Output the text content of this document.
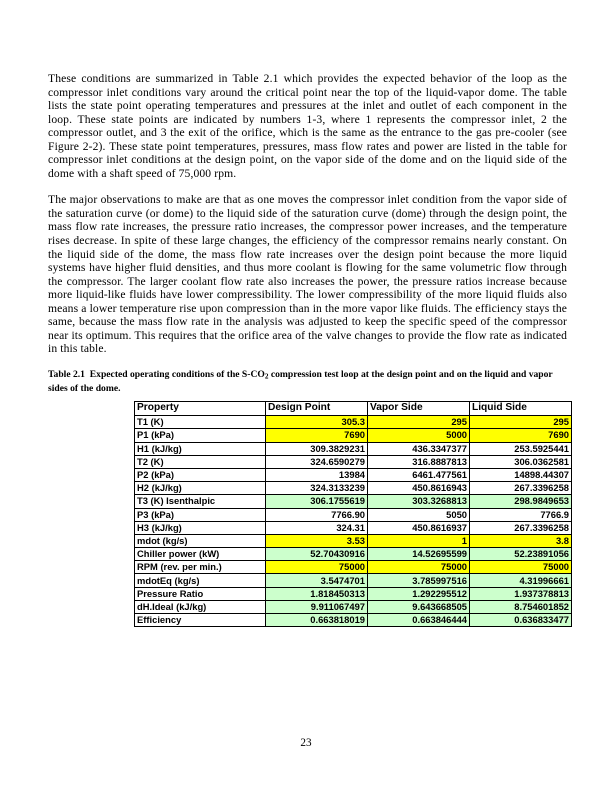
These conditions are summarized in Table 2.1 which provides the expected behavior of the loop as the compressor inlet conditions vary around the critical point near the top of the liquid-vapor dome. The table lists the state point operating temperatures and pressures at the inlet and outlet of each component in the loop. These state points are indicated by numbers 1-3, where 1 represents the compressor inlet, 2 the compressor outlet, and 3 the exit of the orifice, which is the same as the entrance to the gas pre-cooler (see Figure 2-2). These state point temperatures, pressures, mass flow rates and power are listed in the table for compressor inlet conditions at the design point, on the vapor side of the dome and on the liquid side of the dome with a shaft speed of 75,000 rpm.

The major observations to make are that as one moves the compressor inlet condition from the vapor side of the saturation curve (or dome) to the liquid side of the saturation curve (dome) through the design point, the mass flow rate increases, the pressure ratio increases, the compressor power increases, and the temperature rises decrease. In spite of these large changes, the efficiency of the compressor remains nearly constant. On the liquid side of the dome, the mass flow rate increases over the design point because the more liquid systems have higher fluid densities, and thus more coolant is flowing for the same volumetric flow through the compressor. The larger coolant flow rate also increases the power, the pressure ratios increase because more liquid-like fluids have lower compressibility. The lower compressibility of the more liquid fluids also means a lower temperature rise upon compression than in the more vapor like fluids. The efficiency stays the same, because the mass flow rate in the analysis was adjusted to keep the specific speed of the compressor near its optimum. This requires that the orifice area of the valve changes to provide the flow rate as indicated in this table.

Table 2.1 Expected operating conditions of the $S-CO_2$ compression test loop at the design point and on the liquid and vapor sides of the dome.
Property	Design Point	Vapor Side	Liquid Side
T1 (K)	305.3	295	295
P1 (kPa)	7690	5000	7690
H1 (kJ/kg)	309.3829231	436.3347377	253.5925441
T2 (K)	324.6590279	316.8887813	306.0362581
P2 (kPa)	13984	6461.477561	14898.44307
H2 (kJ/kg)	324.3133239	450.8616943	267.3396258
T3 (K) Isenthalpic	306.1755619	303.3268813	298.9849653
P3 (kPa)	7766.90	5050	7766.9
H3 (kJ/kg)	324.31	450.8616937	267.3396258
mdot (kg/s)	3.53	1	3.8
Chiller power (kW)	52.70430916	14.52695599	52.23891056
RPM (rev. per min.)	75000	75000	75000
mdotEq (kg/s)	3.5474701	3.785997516	4.31996661
Pressure Ratio	1.818450313	1.292295512	1.937378813
dH.Ideal (kJ/kg)	9.911067497	9.643668505	8.754601852
Efficiency	0.663818019	0.663846444	0.636833477
23
